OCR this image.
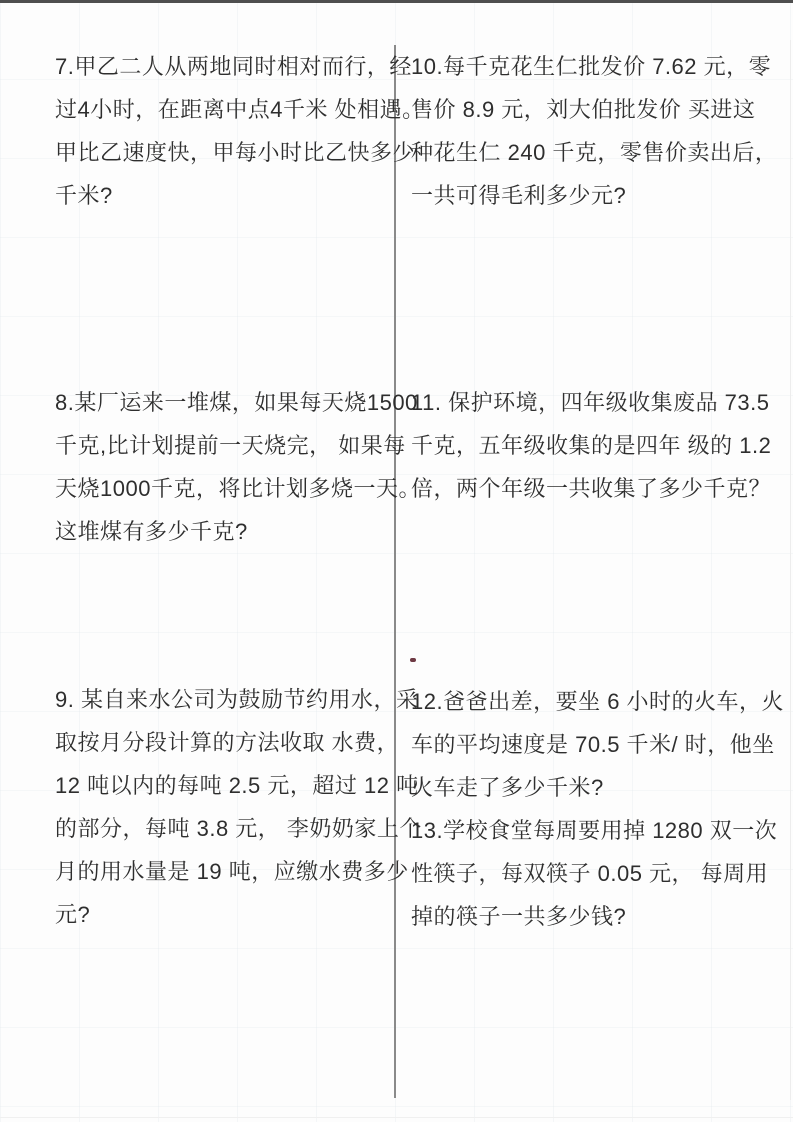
7.甲乙二人从两地同时相对而行，经
过4小时，在距离中点4千米 处相遇。
甲比乙速度快，甲每小时比乙快多少
千米?
8.某厂运来一堆煤，如果每天烧1500
千克,比计划提前一天烧完， 如果每
天烧1000千克，将比计划多烧一天。
这堆煤有多少千克?
9. 某自来水公司为鼓励节约用水，采
取按月分段计算的方法收取 水费，
12 吨以内的每吨 2.5 元，超过 12 吨
的部分，每吨 3.8 元， 李奶奶家上个
月的用水量是 19 吨，应缴水费多少
元?
10.每千克花生仁批发价 7.62 元，零
售价 8.9 元，刘大伯批发价 买进这
种花生仁 240 千克，零售价卖出后，
一共可得毛利多少元?
11. 保护环境，四年级收集废品 73.5
千克，五年级收集的是四年 级的 1.2
倍，两个年级一共收集了多少千克？
12.爸爸出差，要坐 6 小时的火车，火
车的平均速度是 70.5 千米/ 时，他坐
火车走了多少千米?
13.学校食堂每周要用掉 1280 双一次
性筷子，每双筷子 0.05 元， 每周用
掉的筷子一共多少钱?
